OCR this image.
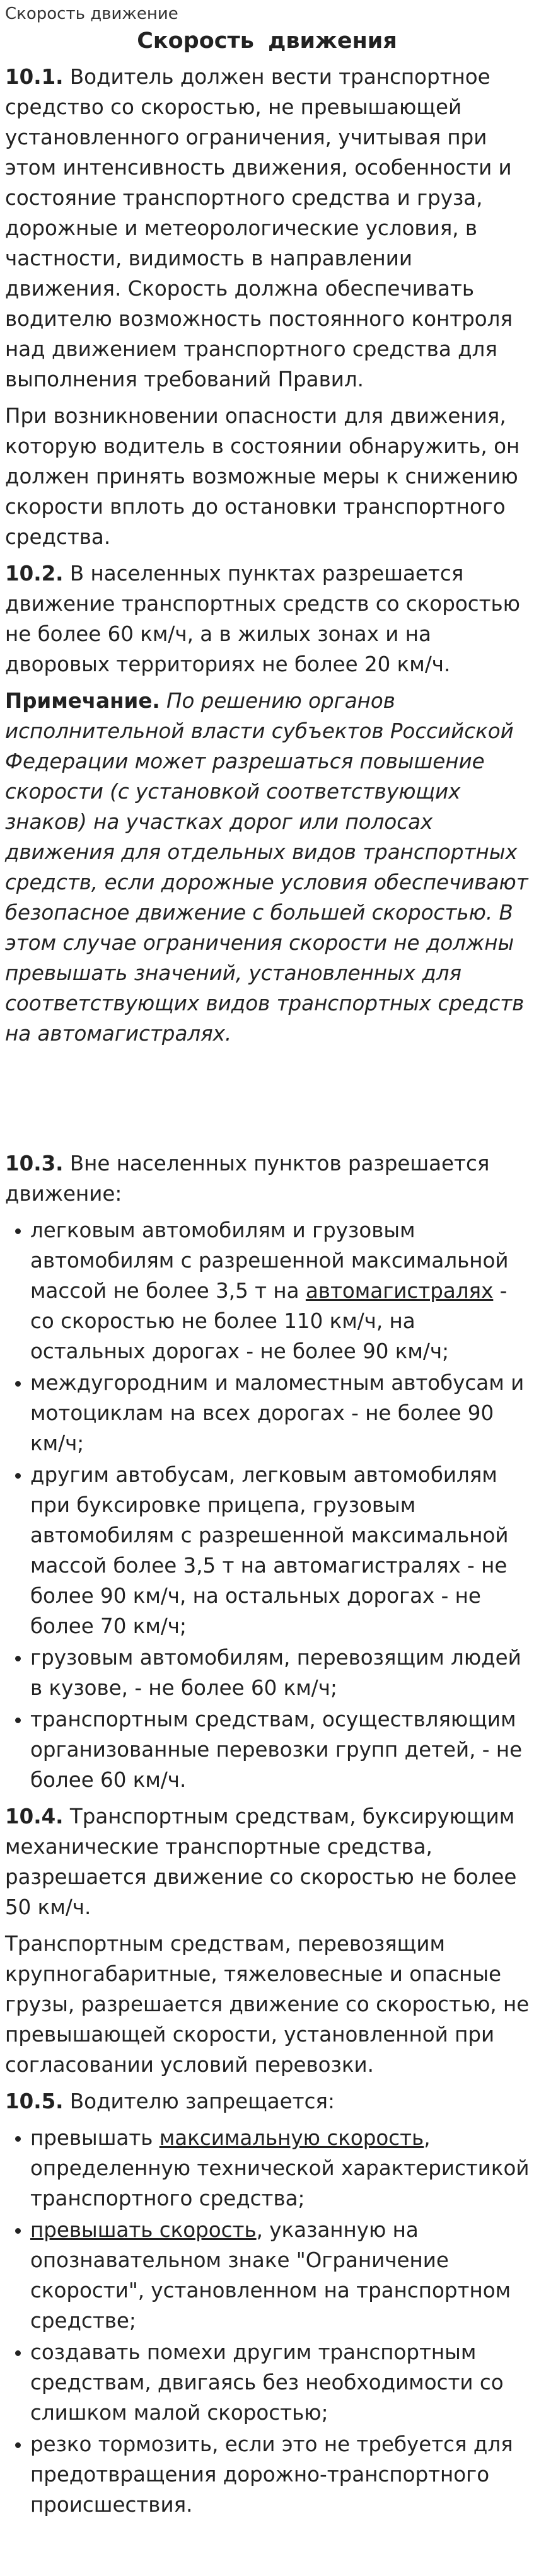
Скорость движение
Скорость движения

10.1. Водитель должен вести транспортное средство со скоростью, не превышающей установленного ограничения, учитывая при этом интенсивность движения, особенности и состояние транспортного средства и груза, дорожные и метеорологические условия, в частности, видимость в направлении движения. Скорость должна обеспечивать водителю возможность постоянного контроля над движением транспортного средства для выполнения требований Правил.

При возникновении опасности для движения, которую водитель в состоянии обнаружить, он должен принять возможные меры к снижению скорости вплоть до остановки транспортного средства.

10.2. В населенных пунктах разрешается движение транспортных средств со скоростью не более 60 км/ч, а в жилых зонах и на дворовых территориях не более 20 км/ч.

Примечание. По решению органов исполнительной власти субъектов Российской Федерации может разрешаться повышение скорости (с установкой соответствующих знаков) на участках дорог или полосах движения для отдельных видов транспортных средств, если дорожные условия обеспечивают безопасное движение с большей скоростью. В этом случае ограничения скорости не должны превышать значений, установленных для соответствующих видов транспортных средств на автомагистралях.

10.3. Вне населенных пунктов разрешается движение:

легковым автомобилям и грузовым автомобилям с разрешенной максимальной массой не более 3,5 т на автомагистралях - со скоростью не более 110 км/ч, на остальных дорогах - не более 90 км/ч;
междугородним и маломестным автобусам и мотоциклам на всех дорогах - не более 90 км/ч;
другим автобусам, легковым автомобилям при буксировке прицепа, грузовым автомобилям с разрешенной максимальной массой более 3,5 т на автомагистралях - не более 90 км/ч, на остальных дорогах - не более 70 км/ч;
грузовым автомобилям, перевозящим людей в кузове, - не более 60 км/ч;
транспортным средствам, осуществляющим организованные перевозки групп детей, - не более 60 км/ч.

10.4. Транспортным средствам, буксирующим механические транспортные средства, разрешается движение со скоростью не более 50 км/ч.

Транспортным средствам, перевозящим крупногабаритные, тяжеловесные и опасные грузы, разрешается движение со скоростью, не превышающей скорости, установленной при согласовании условий перевозки.

10.5. Водителю запрещается:

превышать максимальную скорость, определенную технической характеристикой транспортного средства;
превышать скорость, указанную на опознавательном знаке "Ограничение скорости", установленном на транспортном средстве;
создавать помехи другим транспортным средствам, двигаясь без необходимости со слишком малой скоростью;
резко тормозить, если это не требуется для предотвращения дорожно-транспортного происшествия.
